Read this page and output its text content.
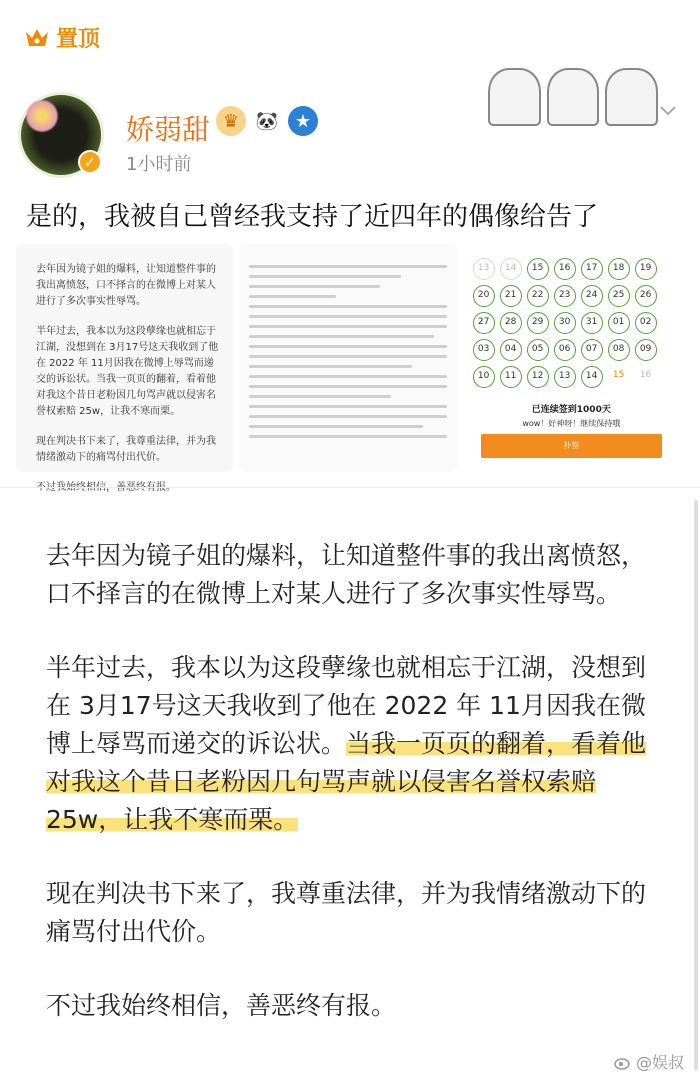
置顶
✓
娇弱甜 ♛ 🐼 ★
1小时前
是的，我被自己曾经我支持了近四年的偶像给告了

去年因为镜子姐的爆料，让知道整件事的我出离愤怒，口不择言的在微博上对某人进行了多次事实性辱骂。

半年过去，我本以为这段孽缘也就相忘于江湖，没想到在 3月17号这天我收到了他在 2022 年 11月因我在微博上辱骂而递交的诉讼状。当我一页页的翻着，看着他对我这个昔日老粉因几句骂声就以侵害名誉权索赔 25w，让我不寒而栗。

现在判决书下来了，我尊重法律，并为我情绪激动下的痛骂付出代价。

13	14	15	16	17	18	19
20	21	22	23	24	25	26
27	28	29	30	31	01	02
03	04	05	06	07	08	09
10	11	12	13	14	15	16
已连续签到1000天
wow！好神呀！继续保持哦
补签

去年因为镜子姐的爆料，让知道整件事的我出离愤怒，口不择言的在微博上对某人进行了多次事实性辱骂。

半年过去，我本以为这段孽缘也就相忘于江湖，没想到在 3月17号这天我收到了他在 2022 年 11月因我在微博上辱骂而递交的诉讼状。当我一页页的翻着，看着他对我这个昔日老粉因几句骂声就以侵害名誉权索赔 25w，让我不寒而栗。

现在判决书下来了，我尊重法律，并为我情绪激动下的痛骂付出代价。

不过我始终相信，善恶终有报。

@娱叔
